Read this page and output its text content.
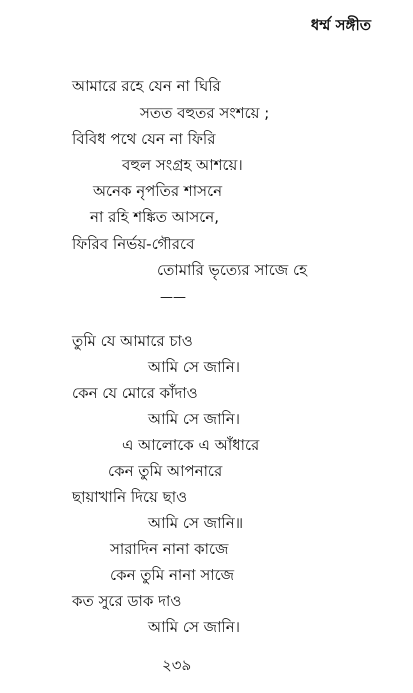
ধর্ম্ম সঙ্গীত
আমারে রহে যেন না ঘিরি
সতত বহুতর সংশয়ে ;
বিবিধ পথে যেন না ফিরি
বহুল সংগ্রহ আশয়ে।
অনেক নৃপতির শাসনে
না রহি শঙ্কিত আসনে,
ফিরিব নির্ভয়-গৌরবে
তোমারি ভৃত্যের সাজে হে
——
তুমি যে আমারে চাও
আমি সে জানি।
কেন যে মোরে কাঁদাও
আমি সে জানি।
এ আলোকে এ আঁধারে
কেন তুমি আপনারে
ছায়াখানি দিয়ে ছাও
আমি সে জানি॥
সারাদিন নানা কাজে
কেন তুমি নানা সাজে
কত সুরে ডাক দাও
আমি সে জানি।
২৩৯
